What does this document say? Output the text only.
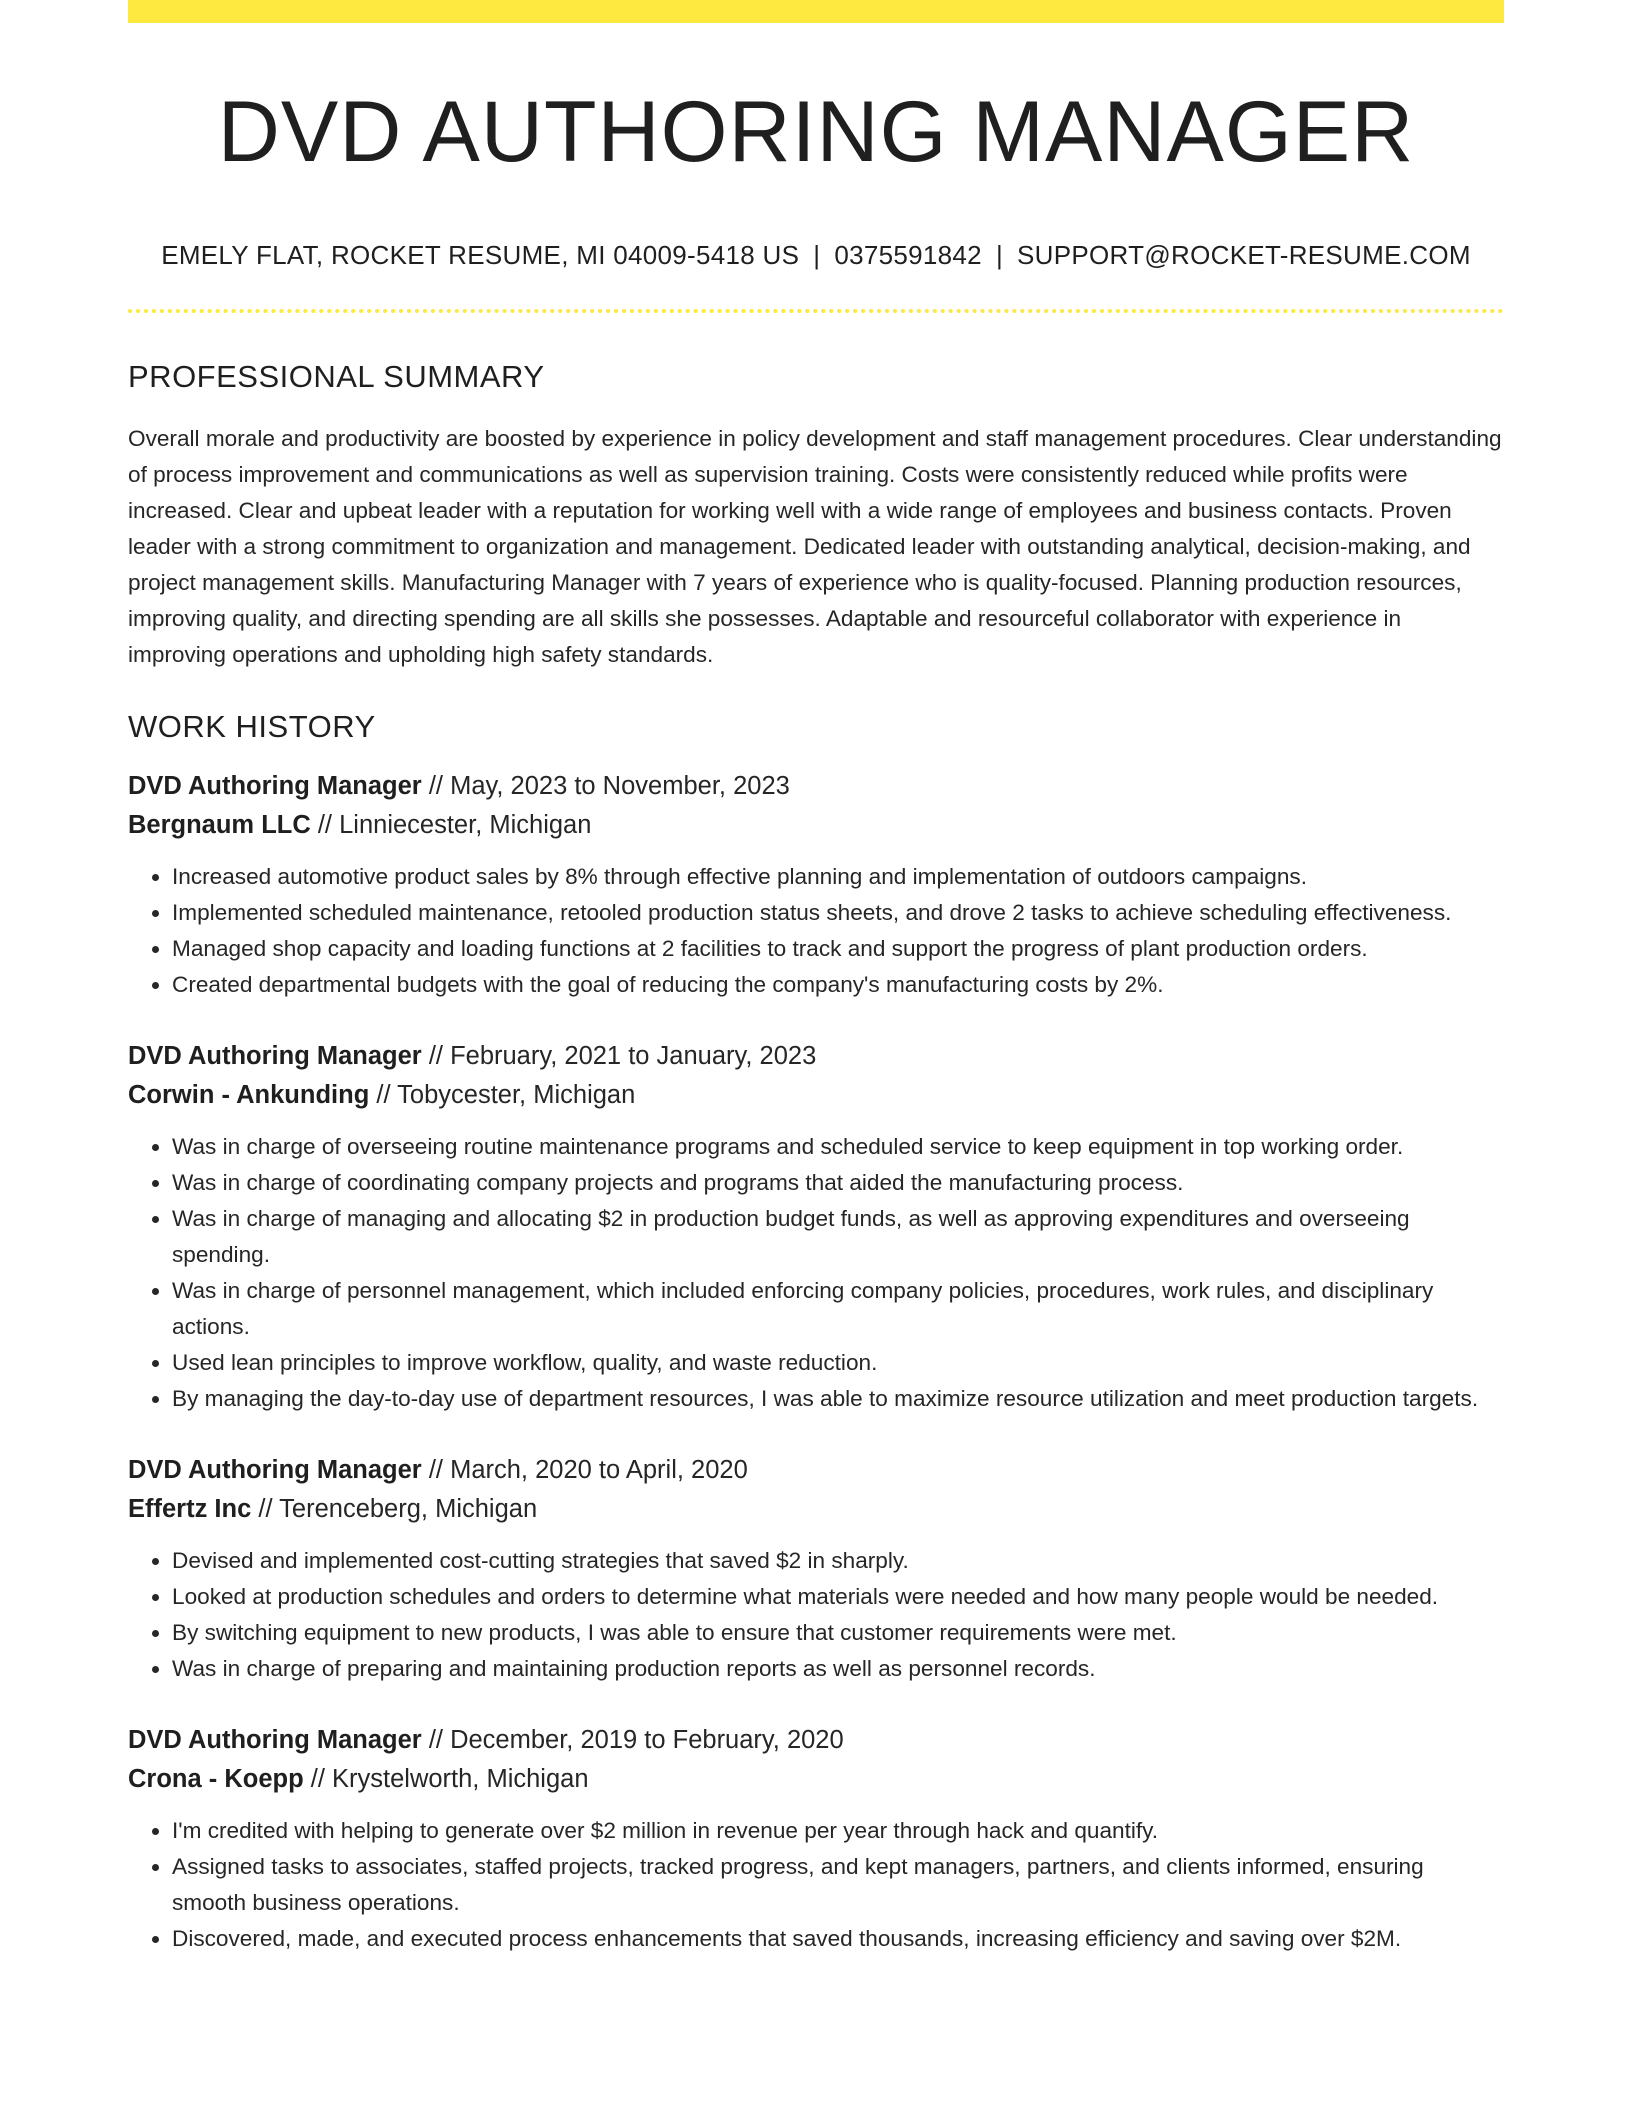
DVD AUTHORING MANAGER
EMELY FLAT, ROCKET RESUME, MI 04009-5418 US | 0375591842 | SUPPORT@ROCKET-RESUME.COM
PROFESSIONAL SUMMARY

Overall morale and productivity are boosted by experience in policy development and staff management procedures. Clear understanding of process improvement and communications as well as supervision training. Costs were consistently reduced while profits were increased. Clear and upbeat leader with a reputation for working well with a wide range of employees and business contacts. Proven leader with a strong commitment to organization and management. Dedicated leader with outstanding analytical, decision-making, and project management skills. Manufacturing Manager with 7 years of experience who is quality-focused. Planning production resources, improving quality, and directing spending are all skills she possesses. Adaptable and resourceful collaborator with experience in improving operations and upholding high safety standards.

WORK HISTORY
DVD Authoring Manager // May, 2023 to November, 2023
Bergnaum LLC // Linniecester, Michigan
• Increased automotive product sales by 8% through effective planning and implementation of outdoors campaigns.
• Implemented scheduled maintenance, retooled production status sheets, and drove 2 tasks to achieve scheduling effectiveness.
• Managed shop capacity and loading functions at 2 facilities to track and support the progress of plant production orders.
• Created departmental budgets with the goal of reducing the company's manufacturing costs by 2%.
DVD Authoring Manager // February, 2021 to January, 2023
Corwin - Ankunding // Tobycester, Michigan
• Was in charge of overseeing routine maintenance programs and scheduled service to keep equipment in top working order.
• Was in charge of coordinating company projects and programs that aided the manufacturing process.
• Was in charge of managing and allocating $2 in production budget funds, as well as approving expenditures and overseeing spending.
• Was in charge of personnel management, which included enforcing company policies, procedures, work rules, and disciplinary actions.
• Used lean principles to improve workflow, quality, and waste reduction.
• By managing the day-to-day use of department resources, I was able to maximize resource utilization and meet production targets.
DVD Authoring Manager // March, 2020 to April, 2020
Effertz Inc // Terenceberg, Michigan
• Devised and implemented cost-cutting strategies that saved $2 in sharply.
• Looked at production schedules and orders to determine what materials were needed and how many people would be needed.
• By switching equipment to new products, I was able to ensure that customer requirements were met.
• Was in charge of preparing and maintaining production reports as well as personnel records.
DVD Authoring Manager // December, 2019 to February, 2020
Crona - Koepp // Krystelworth, Michigan
• I'm credited with helping to generate over $2 million in revenue per year through hack and quantify.
• Assigned tasks to associates, staffed projects, tracked progress, and kept managers, partners, and clients informed, ensuring smooth business operations.
• Discovered, made, and executed process enhancements that saved thousands, increasing efficiency and saving over $2M.
